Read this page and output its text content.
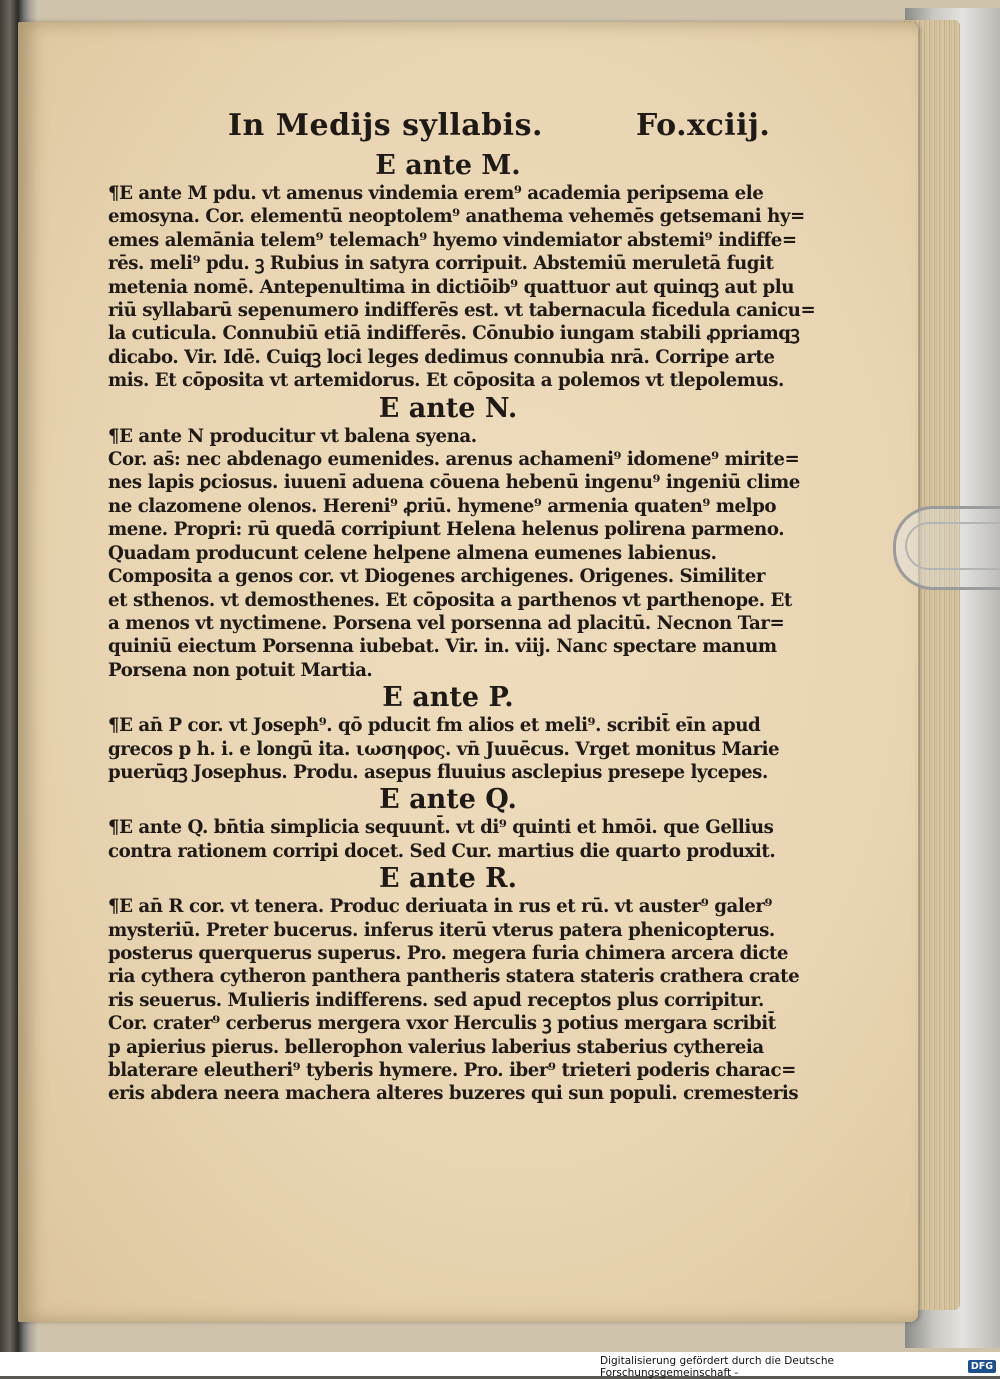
In Medijs syllabis.	Fo.xciij.
E ante M.
¶E ante M pdu. vt amenus vindemia erem⁹ academia peripsema ele
emosyna. Cor. elementū neoptolem⁹ anathema vehemēs getsemani hy=
emes alemānia telem⁹ telemach⁹ hyemo vindemiator abstemi⁹ indiffe=
rēs. meli⁹ pdu. ꝫ Rubius in satyra corripuit. Abstemiū meruletā fugit
metenia nomē. Antepenultima in dictiōib⁹ quattuor aut quinqꝫ aut plu
riū syllabarū sepenumero indifferēs est. vt tabernacula ficedula canicu=
la cuticula. Connubiū etiā indifferēs. Cōnubio iungam stabili ꝓpriamqꝫ
dicabo. Vir. Idē. Cuiqꝫ loci leges dedimus connubia nrā. Corripe arte
mis. Et cōposita vt artemidorus. Et cōposita a polemos vt tlepolemus.
E ante N.
¶E ante N producitur vt balena syena.
Cor. as̄: nec abdenago eumenides. arenus achameni⁹ idomene⁹ mirite=
nes lapis ꝑciosus. iuuenī aduena cōuena hebenū ingenu⁹ ingeniū clime
ne clazomene olenos. Hereni⁹ ꝓriū. hymene⁹ armenia quaten⁹ melpo
mene. Propri: rū quedā corripiunt Helena helenus polirena parmeno.
Quadam producunt celene helpene almena eumenes labienus.
Composita a genos cor. vt Diogenes archigenes. Origenes. Similiter
et sthenos. vt demosthenes. Et cōposita a parthenos vt parthenope. Et
a menos vt nyctimene. Porsena vel porsenna ad placitū. Necnon Tar=
quiniū eiectum Porsenna iubebat. Vir. in. viij. Nanc spectare manum
Porsena non potuit Martia.
E ante P.
¶E an̄ P cor. vt Joseph⁹. qō pducit fm alios et meli⁹. scribit̄ eīn apud
grecos p h. i. e longū ita. ιωσηφος. vn̄ Juuēcus. Vrget monitus Marie
puerūqꝫ Josephus. Produ. asepus fluuius asclepius presepe lycepes.
E ante Q.
¶E ante Q. bn̄tia simplicia sequunt̄. vt di⁹ quinti et hmōi. que Gellius
contra rationem corripi docet. Sed Cur. martius die quarto produxit.
E ante R.
¶E an̄ R cor. vt tenera. Produc deriuata in rus et rū. vt auster⁹ galer⁹
mysteriū. Preter bucerus. inferus iterū vterus patera phenicopterus.
posterus querquerus superus. Pro. megera furia chimera arcera dicte
ria cythera cytheron panthera pantheris statera stateris crathera crate
ris seuerus. Mulieris indifferens. sed apud receptos plus corripitur.
Cor. crater⁹ cerberus mergera vxor Herculis ꝫ potius mergara scribit̄
p apierius pierus. bellerophon valerius laberius staberius cythereia
blaterare eleutheri⁹ tyberis hymere. Pro. iber⁹ trieteri poderis charac=
eris abdera neera machera alteres buzeres qui sun populi. cremesteris
Digitalisierung gefördert durch die Deutsche Forschungsgemeinschaft -	DFG
